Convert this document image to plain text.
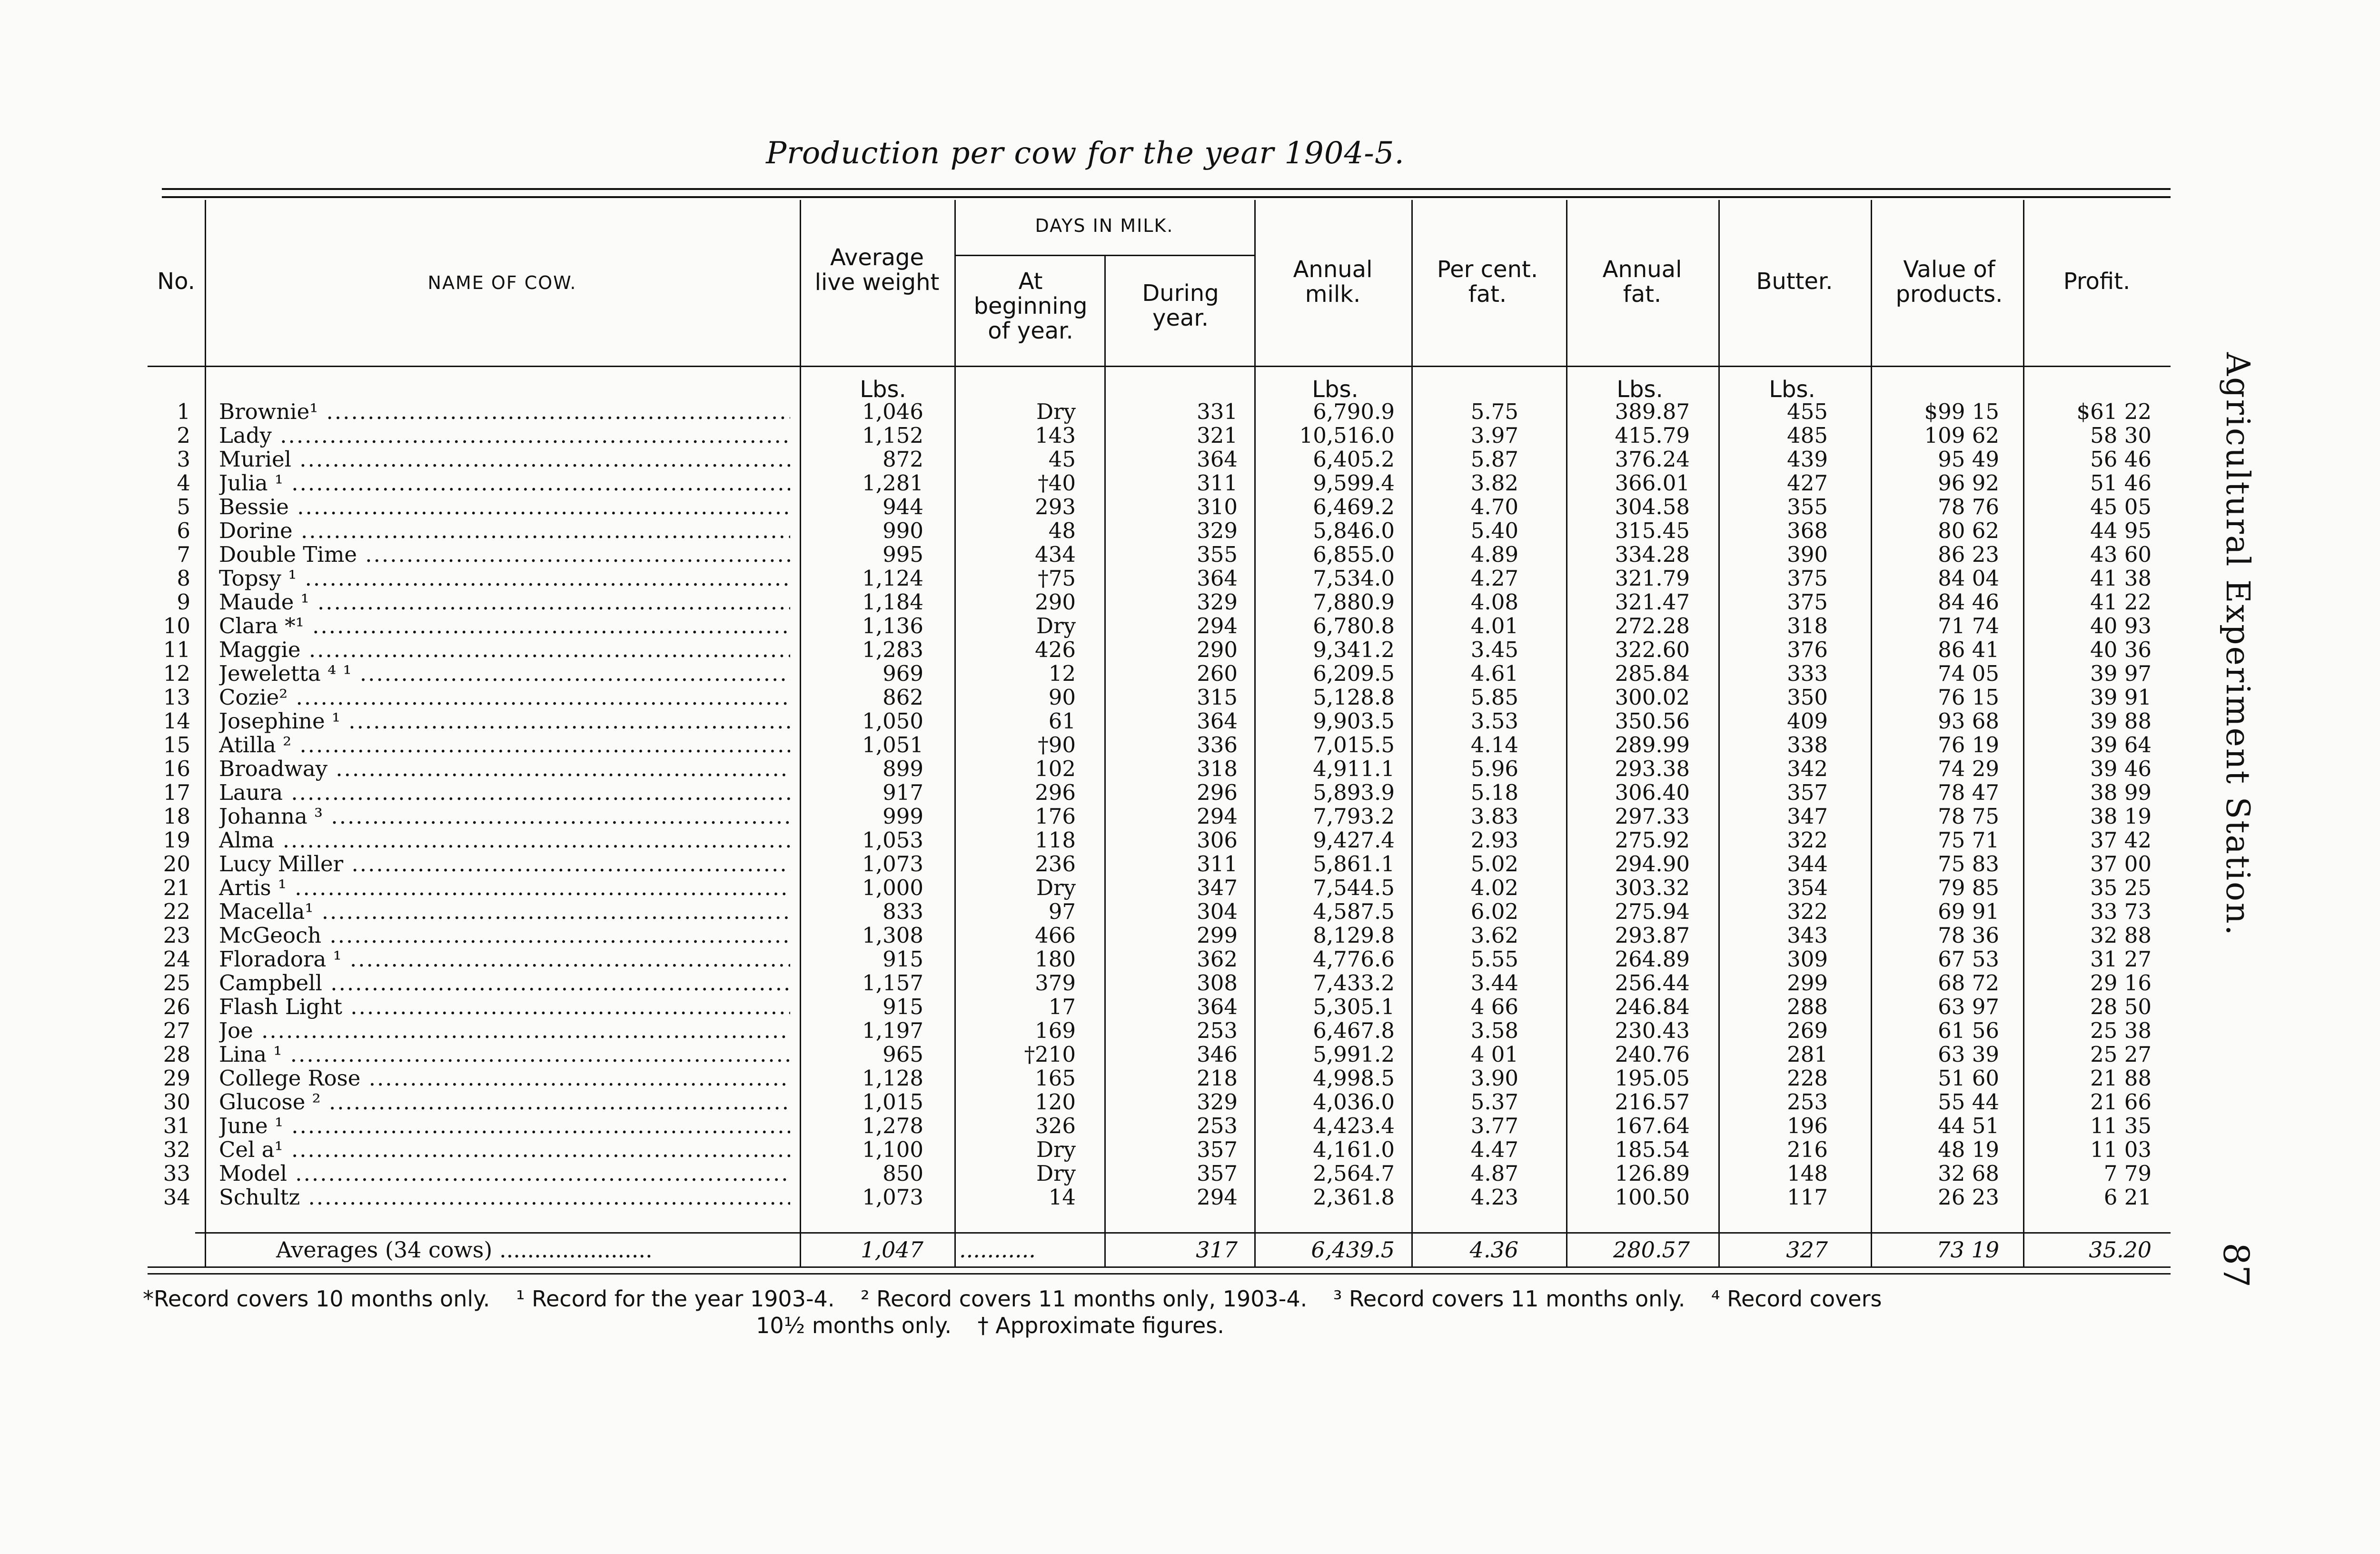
Production per cow for the year 1904-5.
Agricultural Experiment Station.
87
No.	NAME OF COW.
Average live weight
DAYS IN MILK.
At beginning of year.
During year.
Annual milk.
Per cent. fat.
Annual fat.	Butter.	Value of products.	Profit.
Lbs.	Lbs.	Lbs.	Lbs.
1 Brownie¹ .....	1,046	Dry	331	6,790.9	5.75	389.87	455	$99 15	$61 22
2 Lady .....	1,152	143	321	10,516.0	3.97	415.79	485	109 62	58 30
3 Muriel .....	872	45	364	6,405.2	5.87	376.24	439	95 49	56 46
4 Julia ¹ .....	1,281	†40	311	9,599.4	3.82	366.01	427	96 92	51 46
5 Bessie .....	944	293	310	6,469.2	4.70	304.58	355	78 76	45 05
6 Dorine .....	990	48	329	5,846.0	5.40	315.45	368	80 62	44 95
7 Double Time .....	995	434	355	6,855.0	4.89	334.28	390	86 23	43 60
8 Topsy ¹ .....	1,124	†75	364	7,534.0	4.27	321.79	375	84 04	41 38
9 Maude ¹ .....	1,184	290	329	7,880.9	4.08	321.47	375	84 46	41 22
10 Clara *¹ .....	1,136	Dry	294	6,780.8	4.01	272.28	318	71 74	40 93
11 Maggie .....	1,283	426	290	9,341.2	3.45	322.60	376	86 41	40 36
12 Jeweletta ⁴ ¹ .....	969	12	260	6,209.5	4.61	285.84	333	74 05	39 97
13 Cozie² .....	862	90	315	5,128.8	5.85	300.02	350	76 15	39 91
14 Josephine ¹ .....	1,050	61	364	9,903.5	3.53	350.56	409	93 68	39 88
15 Atilla ² .....	1,051	†90	336	7,015.5	4.14	289.99	338	76 19	39 64
16 Broadway .....	899	102	318	4,911.1	5.96	293.38	342	74 29	39 46
17 Laura .....	917	296	296	5,893.9	5.18	306.40	357	78 47	38 99
18 Johanna ³ .....	999	176	294	7,793.2	3.83	297.33	347	78 75	38 19
19 Alma .....	1,053	118	306	9,427.4	2.93	275.92	322	75 71	37 42
20 Lucy Miller .....	1,073	236	311	5,861.1	5.02	294.90	344	75 83	37 00
21 Artis ¹ .....	1,000	Dry	347	7,544.5	4.02	303.32	354	79 85	35 25
22 Macella¹ .....	833	97	304	4,587.5	6.02	275.94	322	69 91	33 73
23 McGeoch .....	1,308	466	299	8,129.8	3.62	293.87	343	78 36	32 88
24 Floradora ¹ .....	915	180	362	4,776.6	5.55	264.89	309	67 53	31 27
25 Campbell .....	1,157	379	308	7,433.2	3.44	256.44	299	68 72	29 16
26 Flash Light .....	915	17	364	5,305.1	4 66	246.84	288	63 97	28 50
27 Joe .....	1,197	169	253	6,467.8	3.58	230.43	269	61 56	25 38
28 Lina ¹ .....	965	†210	346	5,991.2	4 01	240.76	281	63 39	25 27
29 College Rose .....	1,128	165	218	4,998.5	3.90	195.05	228	51 60	21 88
30 Glucose ² .....	1,015	120	329	4,036.0	5.37	216.57	253	55 44	21 66
31 June ¹ .....	1,278	326	253	4,423.4	3.77	167.64	196	44 51	11 35
32 Cel a¹ .....	1,100	Dry	357	4,161.0	4.47	185.54	216	48 19	11 03
33 Model .....	850	Dry	357	2,564.7	4.87	126.89	148	32 68	7 79
34 Schultz .....	1,073	14	294	2,361.8	4.23	100.50	117	26 23	6 21
Averages (34 cows) ......................	1,047 ...........	317	6,439.5	4.36	280.57	327	73 19	35.20
*Record covers 10 months only. ¹ Record for the year 1903-4. ² Record covers 11 months only, 1903-4. ³ Record covers 11 months only. ⁴ Record covers
10½ months only. † Approximate figures.
